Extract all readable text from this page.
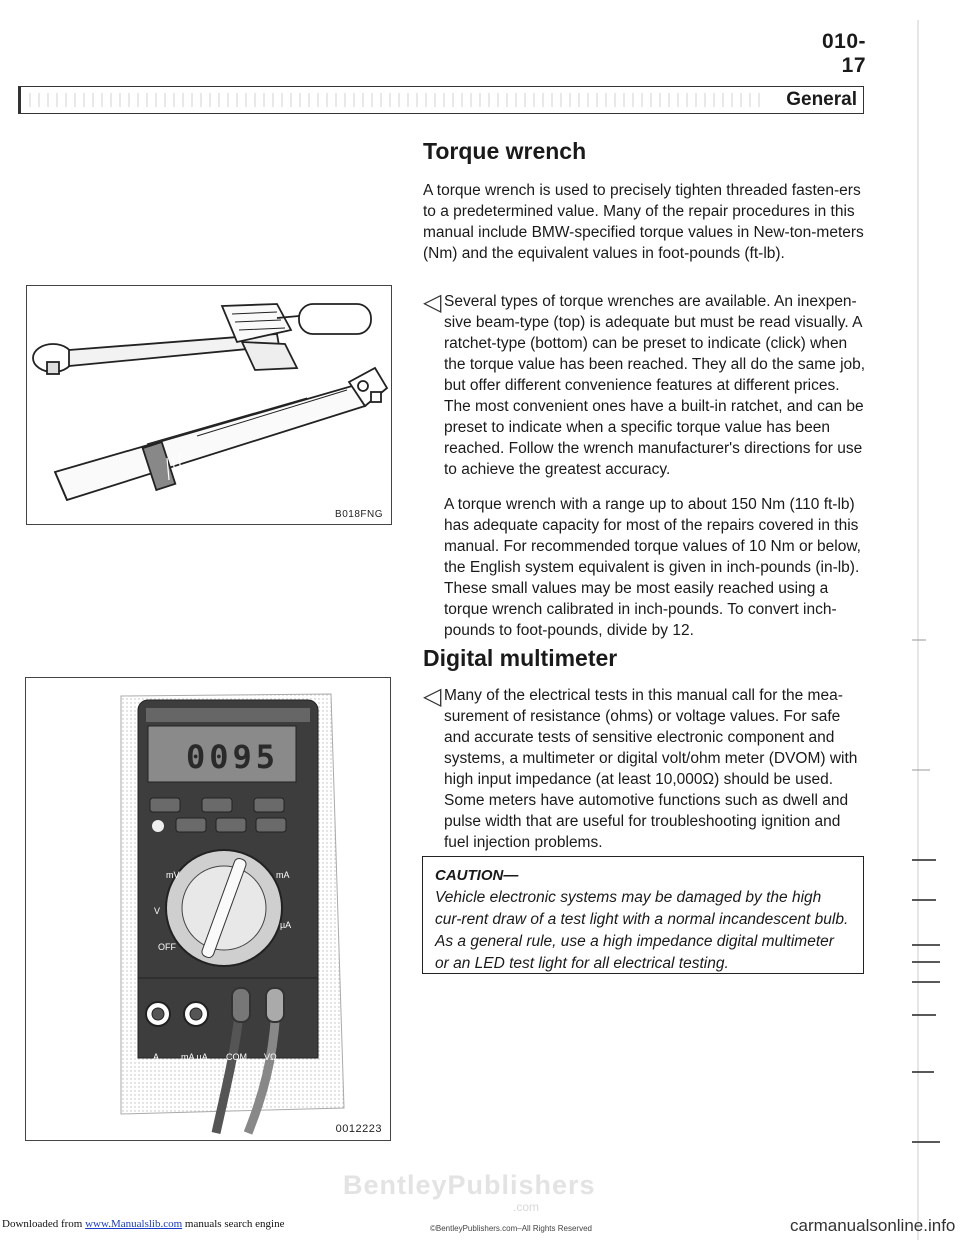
010-17
General
Torque wrench

A torque wrench is used to precisely tighten threaded fasten-ers to a predetermined value. Many of the repair procedures in this manual include BMW-specified torque values in New-ton-meters (Nm) and the equivalent values in foot-pounds (ft-lb).

B018FNG
◁ Several types of torque wrenches are available. An inexpen-sive beam-type (top) is adequate but must be read visually. A ratchet-type (bottom) can be preset to indicate (click) when the torque value has been reached. They all do the same job, but offer different convenience features at different prices. The most convenient ones have a built-in ratchet, and can be preset to indicate when a specific torque value has been reached. Follow the wrench manufacturer's directions for use to achieve the greatest accuracy.

A torque wrench with a range up to about 150 Nm (110 ft-lb) has adequate capacity for most of the repairs covered in this manual. For recommended torque values of 10 Nm or below, the English system equivalent is given in inch-pounds (in-lb). These small values may be most easily reached using a torque wrench calibrated in inch-pounds. To convert inch-pounds to foot-pounds, divide by 12.

Digital multimeter
V
mV	mA
µA
OFF
0095
A mA µA COM VΩ
0012223
◁ Many of the electrical tests in this manual call for the mea-surement of resistance (ohms) or voltage values. For safe and accurate tests of sensitive electronic component and systems, a multimeter or digital volt/ohm meter (DVOM) with high input impedance (at least 10,000Ω) should be used. Some meters have automotive functions such as dwell and pulse width that are useful for troubleshooting ignition and fuel injection problems.

CAUTION—

Vehicle electronic systems may be damaged by the high cur-rent draw of a test light with a normal incandescent bulb. As a general rule, use a high impedance digital multimeter or an LED test light for all electrical testing.

BentleyPublishers
.com
Downloaded from www.Manualslib.com manuals search engine	©BentleyPublishers.com–All Rights Reserved	carmanualsonline.info
